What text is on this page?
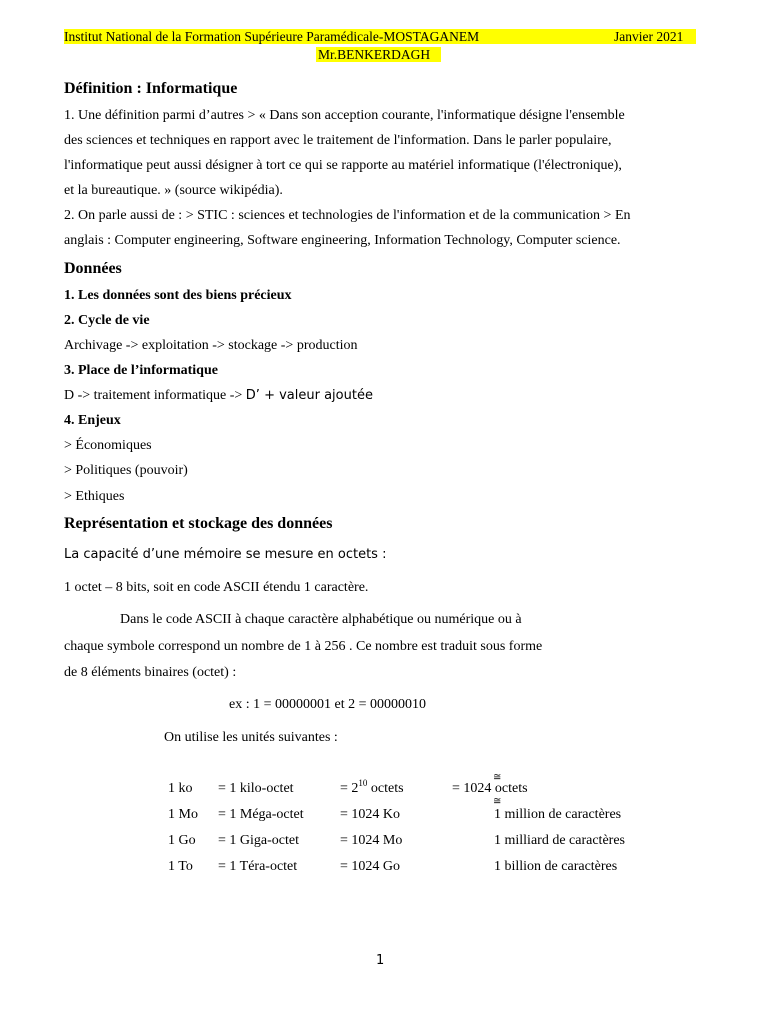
Institut National de la Formation Supérieure Paramédicale-MOSTAGANEM	Janvier 2021
Mr.BENKERDAGH
Définition : Informatique
1. Une définition parmi d’autres > « Dans son acception courante, l'informatique désigne l'ensemble
des sciences et techniques en rapport avec le traitement de l'information. Dans le parler populaire,
l'informatique peut aussi désigner à tort ce qui se rapporte au matériel informatique (l'électronique),
et la bureautique. » (source wikipédia).
2. On parle aussi de : > STIC : sciences et technologies de l'information et de la communication > En
anglais : Computer engineering, Software engineering, Information Technology, Computer science.
Données
1. Les données sont des biens précieux
2. Cycle de vie
Archivage -> exploitation -> stockage -> production
3. Place de l’informatique
D -> traitement informatique -> D’ + valeur ajoutée
4. Enjeux
> Économiques
> Politiques (pouvoir)
> Ethiques
Représentation et stockage des données
La capacité d’une mémoire se mesure en octets :
1 octet – 8 bits, soit en code ASCII étendu 1 caractère.
Dans le code ASCII à chaque caractère alphabétique ou numérique ou à
chaque symbole correspond un nombre de 1 à 256 . Ce nombre est traduit sous forme
de 8 éléments binaires (octet) :
ex : 1 = 00000001 et 2 = 00000010
On utilise les unités suivantes :
1 ko = 1 kilo-octet	= $2^{10}$ octets	= 1024 octets
≅
≅
1 Mo = 1 Méga-octet	= 1024 Ko	1 million de caractères
1 Go = 1 Giga-octet	= 1024 Mo	1 milliard de caractères
1 To = 1 Téra-octet	= 1024 Go	1 billion de caractères
1
